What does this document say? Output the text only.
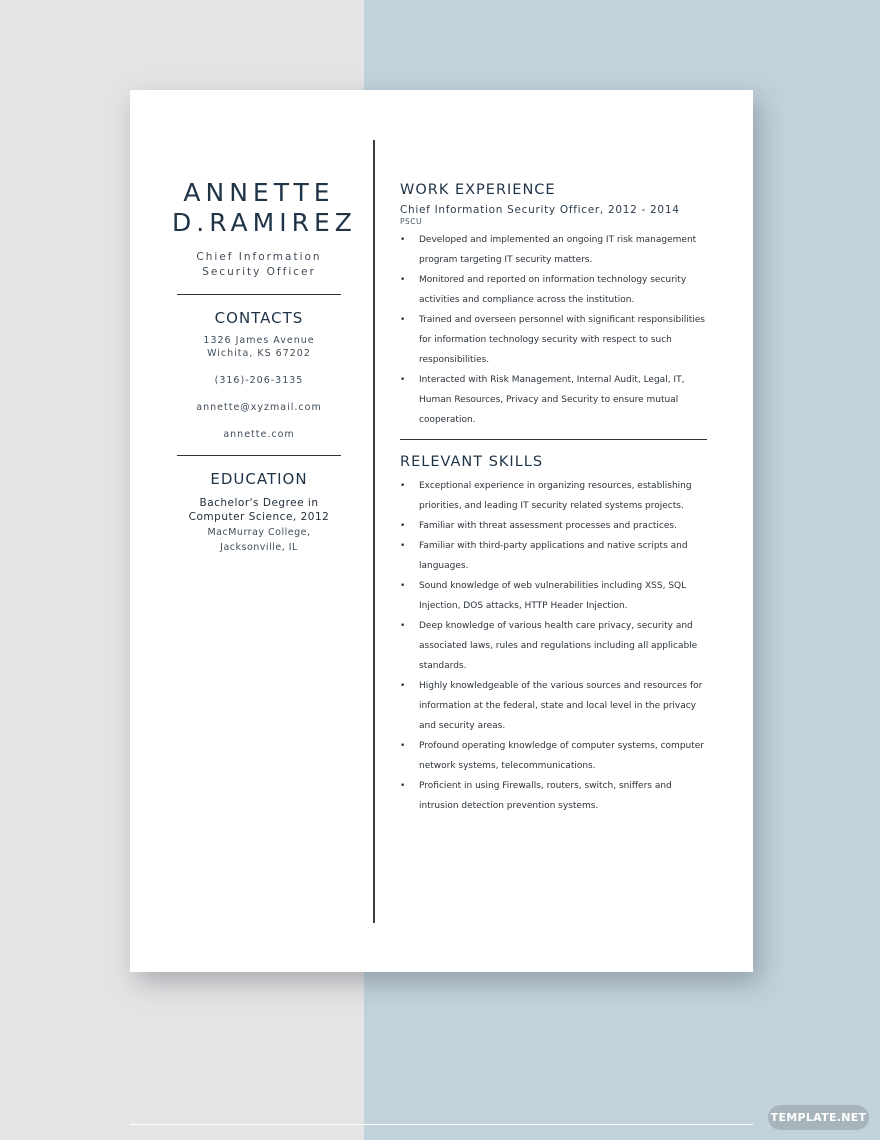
ANNETTE
D.RAMIREZ
Chief Information Security Officer
CONTACTS
1326 James Avenue
Wichita, KS 67202
(316)-206-3135
annette@xyzmail.com
annette.com
EDUCATION
Bachelor's Degree in
Computer Science, 2012
MacMurray College,
Jacksonville, IL
WORK EXPERIENCE
Chief Information Security Officer, 2012 - 2014
PSCU
• Developed and implemented an ongoing IT risk management program targeting IT security matters.
• Monitored and reported on information technology security activities and compliance across the institution.
• Trained and overseen personnel with significant responsibilities for information technology security with respect to such responsibilities.
• Interacted with Risk Management, Internal Audit, Legal, IT, Human Resources, Privacy and Security to ensure mutual cooperation.
RELEVANT SKILLS
• Exceptional experience in organizing resources, establishing priorities, and leading IT security related systems projects.
• Familiar with threat assessment processes and practices.
• Familiar with third-party applications and native scripts and languages.
• Sound knowledge of web vulnerabilities including XSS, SQL Injection, DOS attacks, HTTP Header Injection.
• Deep knowledge of various health care privacy, security and associated laws, rules and regulations including all applicable standards.
• Highly knowledgeable of the various sources and resources for information at the federal, state and local level in the privacy and security areas.
• Profound operating knowledge of computer systems, computer network systems, telecommunications.
• Proficient in using Firewalls, routers, switch, sniffers and intrusion detection prevention systems.
TEMPLATE.NET
